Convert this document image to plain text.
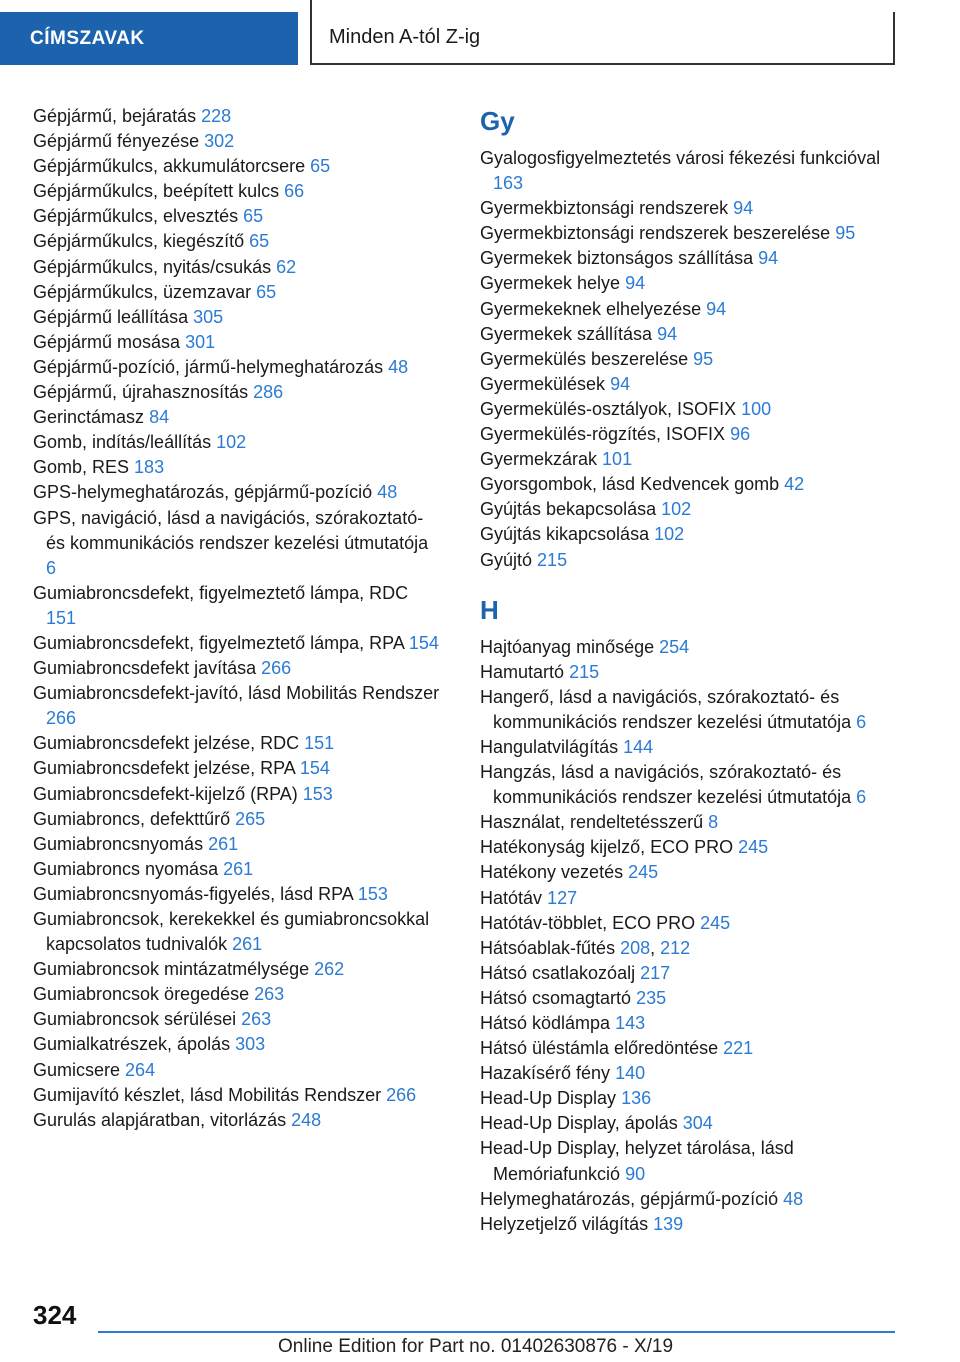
CÍMSZAVAK	Minden A-tól Z-ig
Gépjármű, bejáratás 228
Gépjármű fényezése 302
Gépjárműkulcs, akkumulátorcsere 65
Gépjárműkulcs, beépített kulcs 66
Gépjárműkulcs, elvesztés 65
Gépjárműkulcs, kiegészítő 65
Gépjárműkulcs, nyitás/csukás 62
Gépjárműkulcs, üzemzavar 65
Gépjármű leállítása 305
Gépjármű mosása 301
Gépjármű-pozíció, jármű-helymeghatározás 48
Gépjármű, újrahasznosítás 286
Gerinctámasz 84
Gomb, indítás/leállítás 102
Gomb, RES 183
GPS-helymeghatározás, gépjármű-pozíció 48
GPS, navigáció, lásd a navigációs, szórakoztató- és kommunikációs rendszer kezelési útmutatója 6
Gumiabroncsdefekt, figyelmeztető lámpa, RDC 151
Gumiabroncsdefekt, figyelmeztető lámpa, RPA 154
Gumiabroncsdefekt javítása 266
Gumiabroncsdefekt-javító, lásd Mobilitás Rendszer 266
Gumiabroncsdefekt jelzése, RDC 151
Gumiabroncsdefekt jelzése, RPA 154
Gumiabroncsdefekt-kijelző (RPA) 153
Gumiabroncs, defekttűrő 265
Gumiabroncsnyomás 261
Gumiabroncs nyomása 261
Gumiabroncsnyomás-figyelés, lásd RPA 153
Gumiabroncsok, kerekekkel és gumiabroncsokkal kapcsolatos tudnivalók 261
Gumiabroncsok mintázatmélysége 262
Gumiabroncsok öregedése 263
Gumiabroncsok sérülései 263
Gumialkatrészek, ápolás 303
Gumicsere 264
Gumijavító készlet, lásd Mobilitás Rendszer 266
Gurulás alapjáratban, vitorlázás 248
Gy
Gyalogosfigyelmeztetés városi fékezési funkcióval 163
Gyermekbiztonsági rendszerek 94
Gyermekbiztonsági rendszerek beszerelése 95
Gyermekek biztonságos szállítása 94
Gyermekek helye 94
Gyermekeknek elhelyezése 94
Gyermekek szállítása 94
Gyermekülés beszerelése 95
Gyermekülések 94
Gyermekülés-osztályok, ISOFIX 100
Gyermekülés-rögzítés, ISOFIX 96
Gyermekzárak 101
Gyorsgombok, lásd Kedvencek gomb 42
Gyújtás bekapcsolása 102
Gyújtás kikapcsolása 102
Gyújtó 215
H
Hajtóanyag minősége 254
Hamutartó 215
Hangerő, lásd a navigációs, szórakoztató- és kommunikációs rendszer kezelési útmutatója 6
Hangulatvilágítás 144
Hangzás, lásd a navigációs, szórakoztató- és kommunikációs rendszer kezelési útmutatója 6
Használat, rendeltetésszerű 8
Hatékonyság kijelző, ECO PRO 245
Hatékony vezetés 245
Hatótáv 127
Hatótáv-többlet, ECO PRO 245
Hátsóablak-fűtés 208, 212
Hátsó csatlakozóalj 217
Hátsó csomagtartó 235
Hátsó ködlámpa 143
Hátsó üléstámla előredöntése 221
Hazakísérő fény 140
Head-Up Display 136
Head-Up Display, ápolás 304
Head-Up Display, helyzet tárolása, lásd Memóriafunkció 90
Helymeghatározás, gépjármű-pozíció 48
Helyzetjelző világítás 139
324
Online Edition for Part no. 01402630876 - X/19
